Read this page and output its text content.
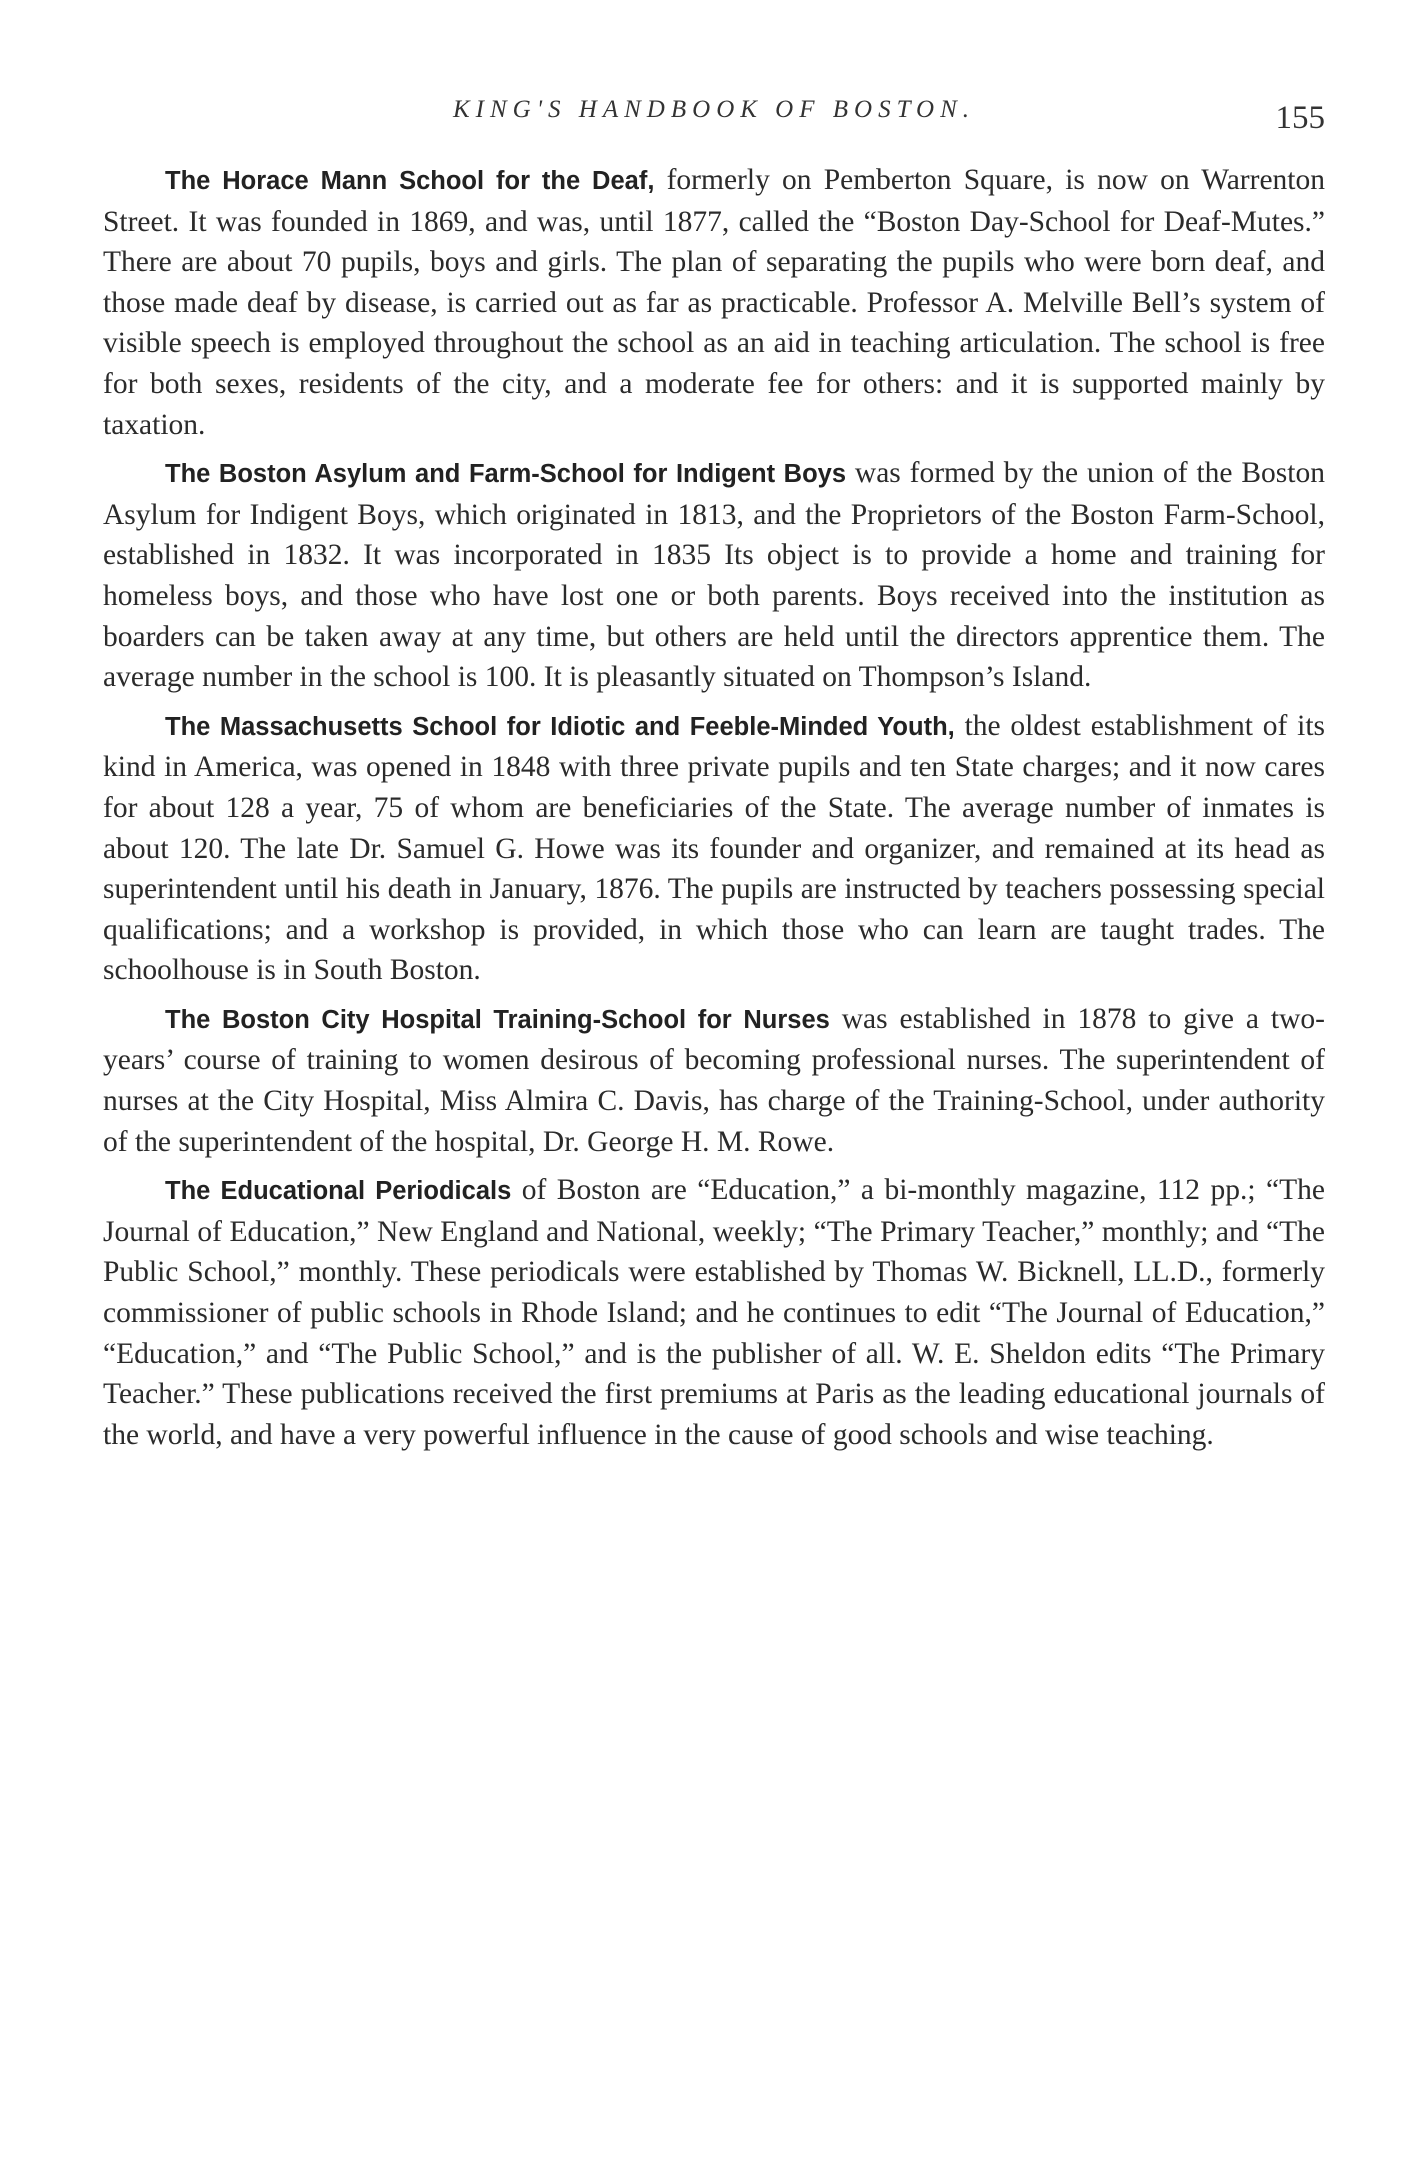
KING'S HANDBOOK OF BOSTON.	155

The Horace Mann School for the Deaf, formerly on Pemberton Square, is now on Warrenton Street. It was founded in 1869, and was, until 1877, called the “Boston Day-School for Deaf-Mutes.” There are about 70 pupils, boys and girls. The plan of separating the pupils who were born deaf, and those made deaf by disease, is carried out as far as practicable. Professor A. Melville Bell’s system of visible speech is employed throughout the school as an aid in teaching articulation. The school is free for both sexes, residents of the city, and a moderate fee for others: and it is supported mainly by taxation.

The Boston Asylum and Farm-School for Indigent Boys was formed by the union of the Boston Asylum for Indigent Boys, which originated in 1813, and the Proprietors of the Boston Farm-School, established in 1832. It was incorporated in 1835 Its object is to provide a home and training for homeless boys, and those who have lost one or both parents. Boys received into the institution as boarders can be taken away at any time, but others are held until the directors apprentice them. The average number in the school is 100. It is pleasantly situated on Thompson’s Island.

The Massachusetts School for Idiotic and Feeble-Minded Youth, the oldest establishment of its kind in America, was opened in 1848 with three private pupils and ten State charges; and it now cares for about 128 a year, 75 of whom are beneficiaries of the State. The average number of inmates is about 120. The late Dr. Samuel G. Howe was its founder and organizer, and remained at its head as superintendent until his death in January, 1876. The pupils are instructed by teachers possessing special qualifications; and a workshop is provided, in which those who can learn are taught trades. The schoolhouse is in South Boston.

The Boston City Hospital Training-School for Nurses was established in 1878 to give a two-years’ course of training to women desirous of becoming professional nurses. The superintendent of nurses at the City Hospital, Miss Almira C. Davis, has charge of the Training-School, under authority of the superintendent of the hospital, Dr. George H. M. Rowe.

The Educational Periodicals of Boston are “Education,” a bi-monthly magazine, 112 pp.; “The Journal of Education,” New England and National, weekly; “The Primary Teacher,” monthly; and “The Public School,” monthly. These periodicals were established by Thomas W. Bicknell, LL.D., formerly commissioner of public schools in Rhode Island; and he continues to edit “The Journal of Education,” “Education,” and “The Public School,” and is the publisher of all. W. E. Sheldon edits “The Primary Teacher.” These publications received the first premiums at Paris as the leading educational journals of the world, and have a very powerful influence in the cause of good schools and wise teaching.
